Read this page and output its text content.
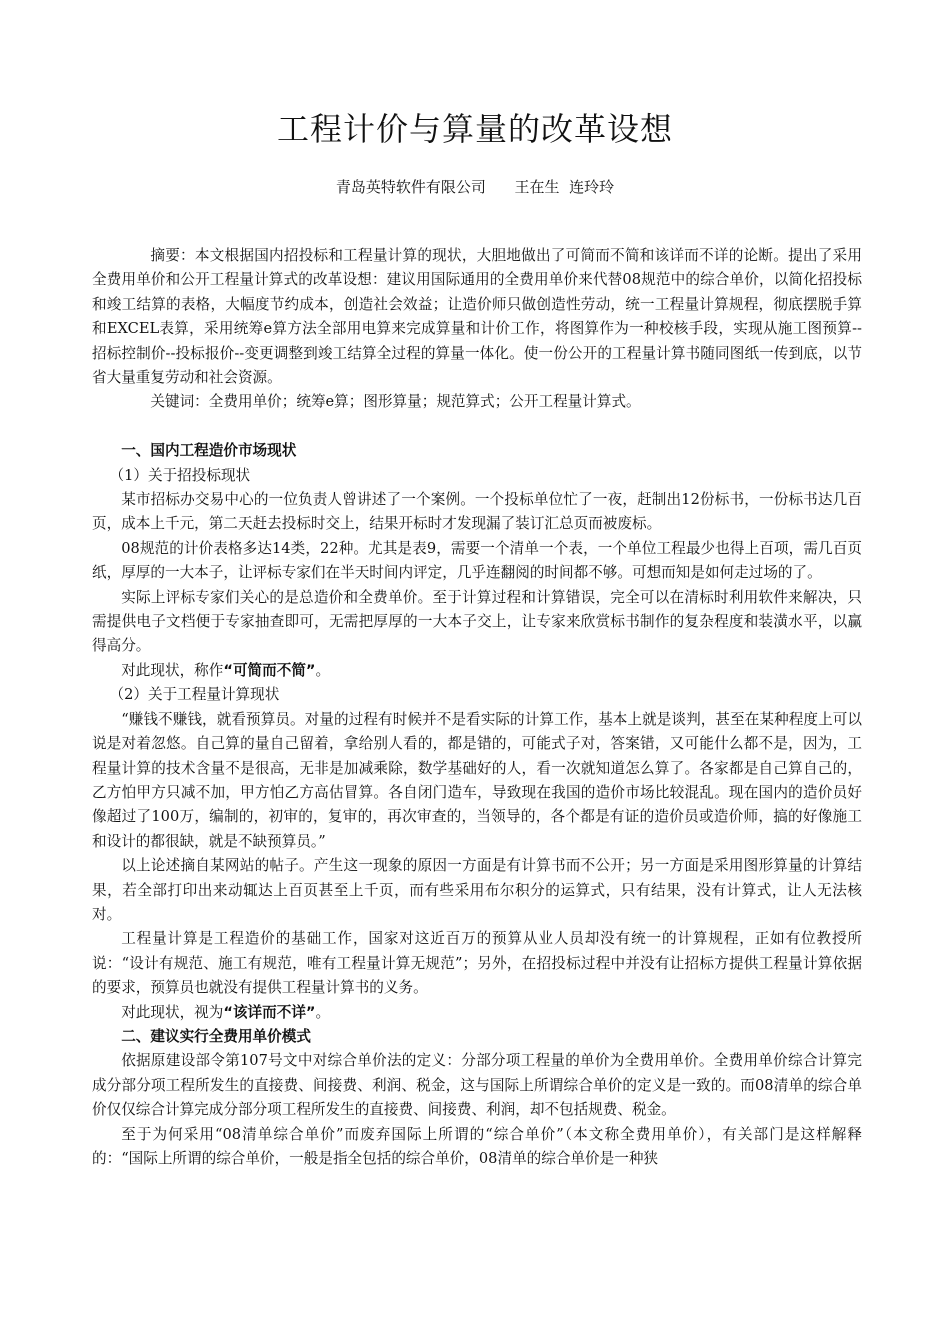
工程计价与算量的改革设想
青岛英特软件有限公司      王在生  连玲玲

摘要：本文根据国内招投标和工程量计算的现状，大胆地做出了可简而不简和该详而不详的论断。提出了采用全费用单价和公开工程量计算式的改革设想：建议用国际通用的全费用单价来代替08规范中的综合单价，以简化招投标和竣工结算的表格，大幅度节约成本，创造社会效益；让造价师只做创造性劳动，统一工程量计算规程，彻底摆脱手算和EXCEL表算，采用统筹e算方法全部用电算来完成算量和计价工作，将图算作为一种校核手段，实现从施工图预算--招标控制价--投标报价--变更调整到竣工结算全过程的算量一体化。使一份公开的工程量计算书随同图纸一传到底，以节省大量重复劳动和社会资源。

关键词：全费用单价；统筹e算；图形算量；规范算式；公开工程量计算式。

一、国内工程造价市场现状

（1）关于招投标现状

某市招标办交易中心的一位负责人曾讲述了一个案例。一个投标单位忙了一夜，赶制出12份标书，一份标书达几百页，成本上千元，第二天赶去投标时交上，结果开标时才发现漏了装订汇总页而被废标。

08规范的计价表格多达14类，22种。尤其是表9，需要一个清单一个表，一个单位工程最少也得上百项，需几百页纸，厚厚的一大本子，让评标专家们在半天时间内评定，几乎连翻阅的时间都不够。可想而知是如何走过场的了。

实际上评标专家们关心的是总造价和全费单价。至于计算过程和计算错误，完全可以在清标时利用软件来解决，只需提供电子文档便于专家抽查即可，无需把厚厚的一大本子交上，让专家来欣赏标书制作的复杂程度和装潢水平，以赢得高分。

对此现状，称作“可简而不简”。

（2）关于工程量计算现状

“赚钱不赚钱，就看预算员。对量的过程有时候并不是看实际的计算工作，基本上就是谈判，甚至在某种程度上可以说是对着忽悠。自己算的量自己留着，拿给别人看的，都是错的，可能式子对，答案错，又可能什么都不是，因为，工程量计算的技术含量不是很高，无非是加减乘除，数学基础好的人，看一次就知道怎么算了。各家都是自己算自己的，乙方怕甲方只减不加，甲方怕乙方高估冒算。各自闭门造车，导致现在我国的造价市场比较混乱。现在国内的造价员好像超过了100万，编制的，初审的，复审的，再次审查的，当领导的，各个都是有证的造价员或造价师，搞的好像施工和设计的都很缺，就是不缺预算员。”

以上论述摘自某网站的帖子。产生这一现象的原因一方面是有计算书而不公开；另一方面是采用图形算量的计算结果，若全部打印出来动辄达上百页甚至上千页，而有些采用布尔积分的运算式，只有结果，没有计算式，让人无法核对。

工程量计算是工程造价的基础工作，国家对这近百万的预算从业人员却没有统一的计算规程，正如有位教授所说：“设计有规范、施工有规范，唯有工程量计算无规范”；另外，在招投标过程中并没有让招标方提供工程量计算依据的要求，预算员也就没有提供工程量计算书的义务。

对此现状，视为“该详而不详”。

二、建议实行全费用单价模式

依据原建设部令第107号文中对综合单价法的定义：分部分项工程量的单价为全费用单价。全费用单价综合计算完成分部分项工程所发生的直接费、间接费、利润、税金，这与国际上所谓综合单价的定义是一致的。而08清单的综合单价仅仅综合计算完成分部分项工程所发生的直接费、间接费、利润，却不包括规费、税金。

至于为何采用“08清单综合单价”而废弃国际上所谓的“综合单价”（本文称全费用单价），有关部门是这样解释的：“国际上所谓的综合单价，一般是指全包括的综合单价，08清单的综合单价是一种狭
